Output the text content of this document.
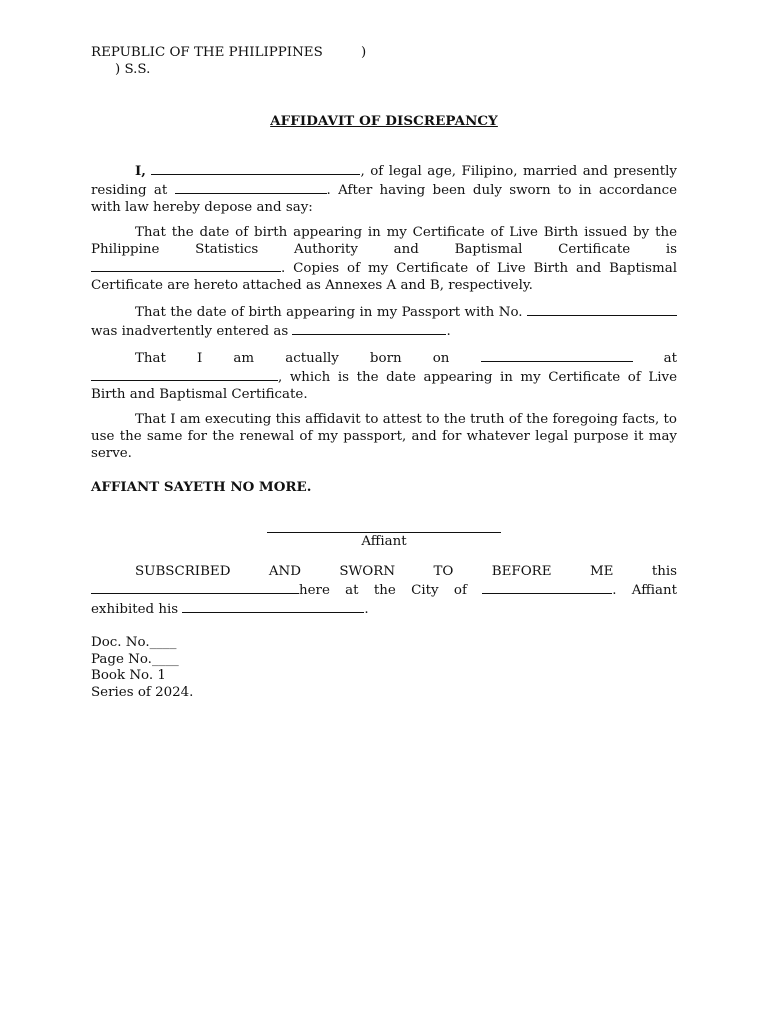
REPUBLIC OF THE PHILIPPINES	)
) S.S.
AFFIDAVIT OF DISCREPANCY

I,	, of legal age, Filipino, married and presently residing at	. After having been duly sworn to in accordance with law hereby depose and say:

That the date of birth appearing in my Certificate of Live Birth issued by the Philippine Statistics Authority and Baptismal Certificate is . Copies of my Certificate of Live Birth and Baptismal Certificate are hereto attached as Annexes A and B, respectively.

That the date of birth appearing in my Passport with No.  was inadvertently entered as	.

That I am actually born on	at , which is the date appearing in my Certificate of Live Birth and Baptismal Certificate.

That I am executing this affidavit to attest to the truth of the foregoing facts, to use the same for the renewal of my passport, and for whatever legal purpose it may serve.

AFFIANT SAYETH NO MORE.
Affiant

SUBSCRIBED AND SWORN TO BEFORE ME this here at the City of	. Affiant exhibited his	.

Doc. No.____
Page No.____
Book No. 1
Series of 2024.
